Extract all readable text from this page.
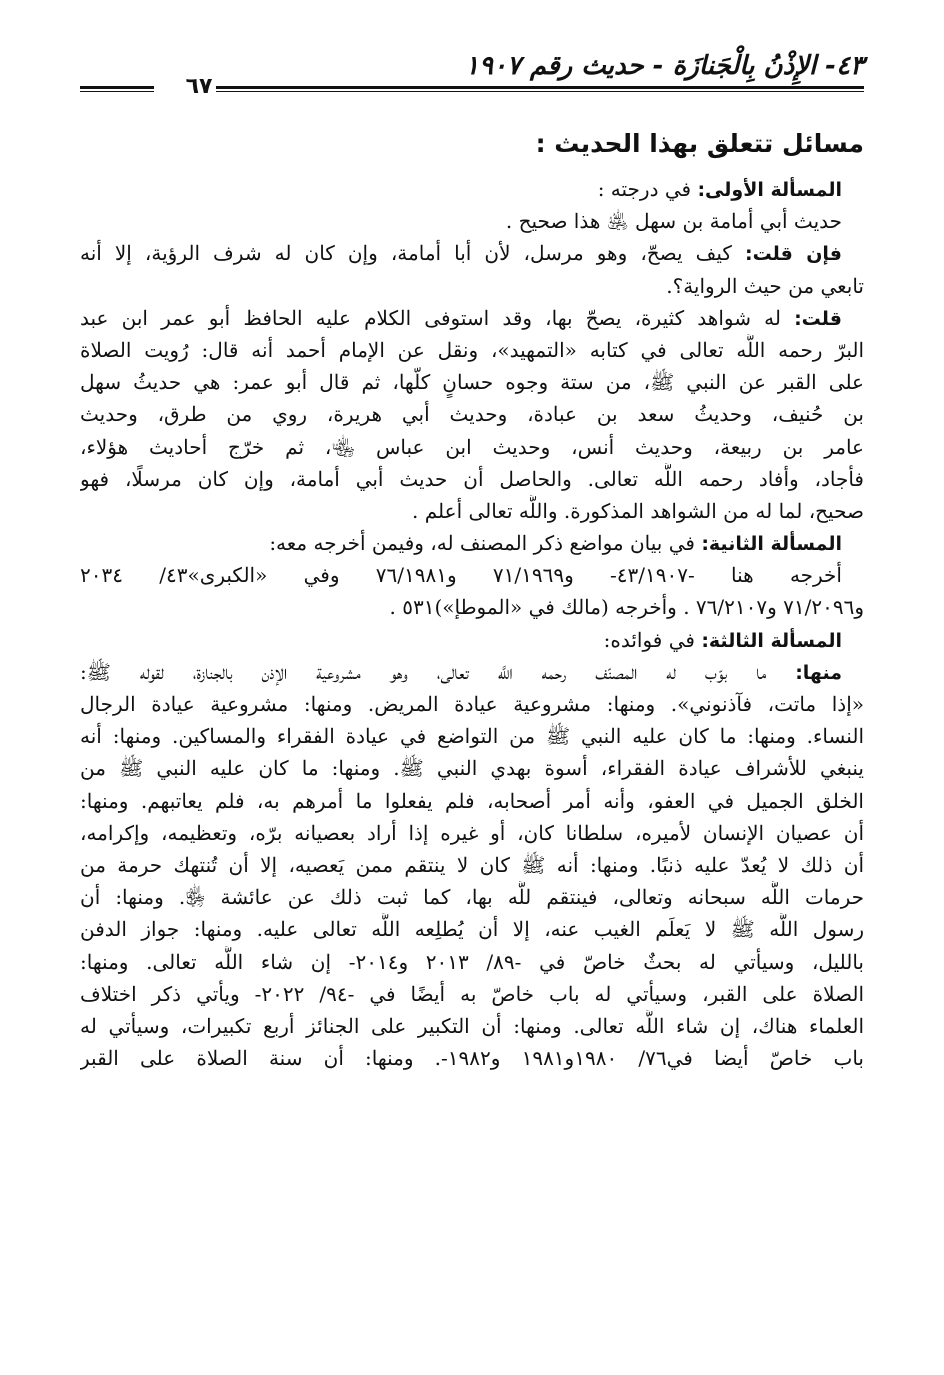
٤٣- الإِذْنُ بِالْجَنازَة - حديث رقم ١٩٠٧
٦٧
مسائل تتعلق بهذا الحديث :
المسألة الأولى: في درجته :
حديث أبي أمامة بن سهل ﵁ هذا صحيح .
فإن قلت: كيف يصحّ، وهو مرسل، لأن أبا أمامة، وإن كان له شرف الرؤية، إلا أنه
تابعي من حيث الرواية؟.
قلت: له شواهد كثيرة، يصحّ بها، وقد استوفى الكلام عليه الحافظ أبو عمر ابن عبد
البرّ رحمه اللَّه تعالى في كتابه «التمهيد»، ونقل عن الإمام أحمد أنه قال: رُويت الصلاة
على القبر عن النبي ﷺ، من ستة وجوه حسانٍ كلّها، ثم قال أبو عمر: هي حديثُ سهل
بن حُنيف، وحديثُ سعد بن عبادة، وحديث أبي هريرة، روي من طرق، وحديث
عامر بن ربيعة، وحديث أنس، وحديث ابن عباس ﵄، ثم خرّج أحاديث هؤلاء،
فأجاد، وأفاد رحمه اللَّه تعالى. والحاصل أن حديث أبي أمامة، وإن كان مرسلًا، فهو
صحيح، لما له من الشواهد المذكورة. واللَّه تعالى أعلم .
المسألة الثانية: في بيان مواضع ذكر المصنف له، وفيمن أخرجه معه:
أخرجه هنا -٤٣/١٩٠٧- و٧١/١٩٦٩ و٧٦/١٩٨١ وفي «الكبرى»٤٣/ ٢٠٣٤
و٧١/٢٠٩٦ و٧٦/٢١٠٧ . وأخرجه (مالك في «الموطإ»)٥٣١ .
المسألة الثالثة: في فوائده:
منها: ما بوّب له المصنّف رحمه اللَّه تعالى، وهو مشروعية الإذن بالجنازة، لقوله ﷺ:
«إذا ماتت، فآذنوني». ومنها: مشروعية عيادة المريض. ومنها: مشروعية عيادة الرجال
النساء. ومنها: ما كان عليه النبي ﷺ من التواضع في عيادة الفقراء والمساكين. ومنها: أنه
ينبغي للأشراف عيادة الفقراء، أسوة بهدي النبي ﷺ. ومنها: ما كان عليه النبي ﷺ من
الخلق الجميل في العفو، وأنه أمر أصحابه، فلم يفعلوا ما أمرهم به، فلم يعاتبهم. ومنها:
أن عصيان الإنسان لأميره، سلطانا كان، أو غيره إذا أراد بعصيانه برّه، وتعظيمه، وإكرامه،
أن ذلك لا يُعدّ عليه ذنبًا. ومنها: أنه ﷺ كان لا ينتقم ممن يَعصيه، إلا أن تُنتهك حرمة من
حرمات اللَّه سبحانه وتعالى، فينتقم للَّه بها، كما ثبت ذلك عن عائشة ﵂. ومنها: أن
رسول اللَّه ﷺ لا يَعلَم الغيب عنه، إلا أن يُطلِعه اللَّه تعالى عليه. ومنها: جواز الدفن
بالليل، وسيأتي له بحثٌ خاصّ في -٨٩/ ٢٠١٣ و٢٠١٤- إن شاء اللَّه تعالى. ومنها:
الصلاة على القبر، وسيأتي له باب خاصّ به أيضًا في -٩٤/ ٢٠٢٢- ويأتي ذكر اختلاف
العلماء هناك، إن شاء اللَّه تعالى. ومنها: أن التكبير على الجنائز أربع تكبيرات، وسيأتي له
باب خاصّ أيضا في٧٦/ ١٩٨٠و١٩٨١ و١٩٨٢-. ومنها: أن سنة الصلاة على القبر
